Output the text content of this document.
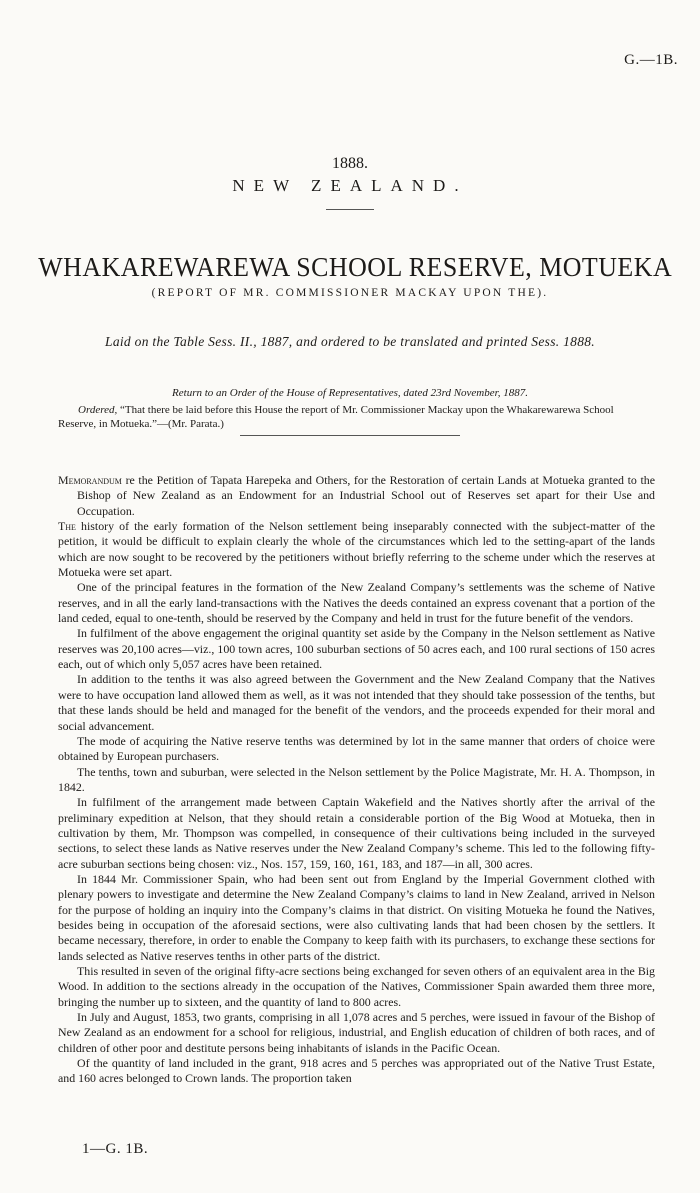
G.—1B.
1888.
NEW ZEALAND.
WHAKAREWAREWA SCHOOL RESERVE, MOTUEKA
(REPORT OF MR. COMMISSIONER MACKAY UPON THE).
Laid on the Table Sess. II., 1887, and ordered to be translated and printed Sess. 1888.
Return to an Order of the House of Representatives, dated 23rd November, 1887.
Ordered, “That there be laid before this House the report of Mr. Commissioner Mackay upon the Whakarewarewa School Reserve, in Motueka.”—(Mr. Parata.)

Memorandum re the Petition of Tapata Harepeka and Others, for the Restoration of certain Lands at Motueka granted to the Bishop of New Zealand as an Endowment for an Industrial School out of Reserves set apart for their Use and Occupation.

The history of the early formation of the Nelson settlement being inseparably connected with the subject-matter of the petition, it would be difficult to explain clearly the whole of the circumstances which led to the setting-apart of the lands which are now sought to be recovered by the petitioners without briefly referring to the scheme under which the reserves at Motueka were set apart.

One of the principal features in the formation of the New Zealand Company’s settlements was the scheme of Native reserves, and in all the early land-transactions with the Natives the deeds contained an express covenant that a portion of the land ceded, equal to one-tenth, should be reserved by the Company and held in trust for the future benefit of the vendors.

In fulfilment of the above engagement the original quantity set aside by the Company in the Nelson settlement as Native reserves was 20,100 acres—viz., 100 town acres, 100 suburban sections of 50 acres each, and 100 rural sections of 150 acres each, out of which only 5,057 acres have been retained.

In addition to the tenths it was also agreed between the Government and the New Zealand Company that the Natives were to have occupation land allowed them as well, as it was not intended that they should take possession of the tenths, but that these lands should be held and managed for the benefit of the vendors, and the proceeds expended for their moral and social advancement.

The mode of acquiring the Native reserve tenths was determined by lot in the same manner that orders of choice were obtained by European purchasers.

The tenths, town and suburban, were selected in the Nelson settlement by the Police Magistrate, Mr. H. A. Thompson, in 1842.

In fulfilment of the arrangement made between Captain Wakefield and the Natives shortly after the arrival of the preliminary expedition at Nelson, that they should retain a considerable portion of the Big Wood at Motueka, then in cultivation by them, Mr. Thompson was compelled, in consequence of their cultivations being included in the surveyed sections, to select these lands as Native reserves under the New Zealand Company’s scheme. This led to the following fifty-acre suburban sections being chosen: viz., Nos. 157, 159, 160, 161, 183, and 187—in all, 300 acres.

In 1844 Mr. Commissioner Spain, who had been sent out from England by the Imperial Government clothed with plenary powers to investigate and determine the New Zealand Company’s claims to land in New Zealand, arrived in Nelson for the purpose of holding an inquiry into the Company’s claims in that district. On visiting Motueka he found the Natives, besides being in occupation of the aforesaid sections, were also cultivating lands that had been chosen by the settlers. It became necessary, therefore, in order to enable the Company to keep faith with its purchasers, to exchange these sections for lands selected as Native reserves tenths in other parts of the district.

This resulted in seven of the original fifty-acre sections being exchanged for seven others of an equivalent area in the Big Wood. In addition to the sections already in the occupation of the Natives, Commissioner Spain awarded them three more, bringing the number up to sixteen, and the quantity of land to 800 acres.

In July and August, 1853, two grants, comprising in all 1,078 acres and 5 perches, were issued in favour of the Bishop of New Zealand as an endowment for a school for religious, industrial, and English education of children of both races, and of children of other poor and destitute persons being inhabitants of islands in the Pacific Ocean.

Of the quantity of land included in the grant, 918 acres and 5 perches was appropriated out of the Native Trust Estate, and 160 acres belonged to Crown lands. The proportion taken

1—G. 1B.
